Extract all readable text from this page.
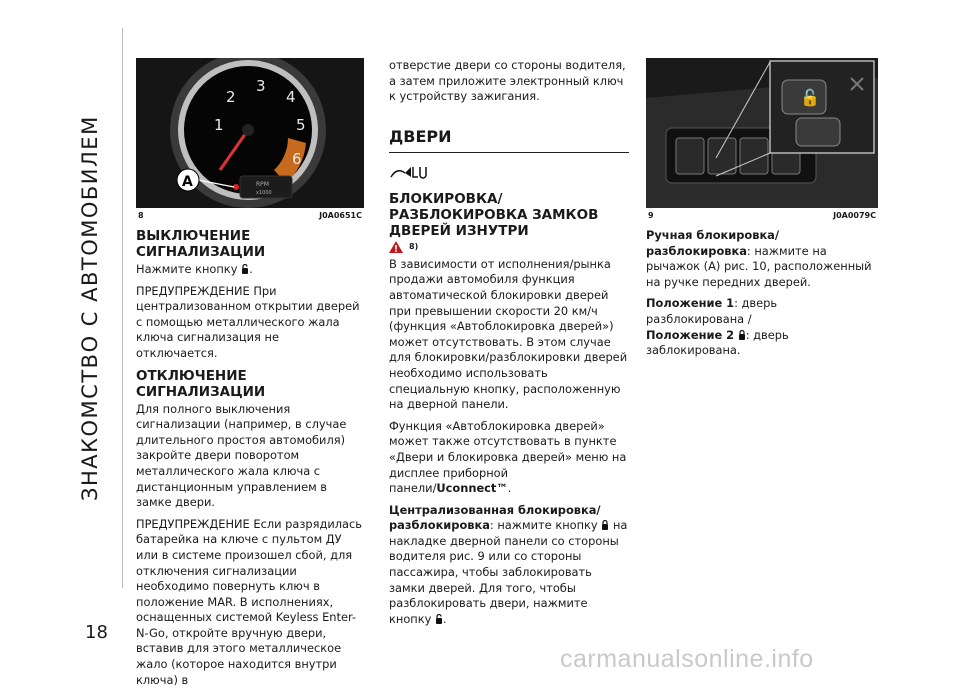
ЗНАКОМСТВО С АВТОМОБИЛЕМ
18
1
2
3
4
5
6
RPM
x1000
A
8	J0A0651C
ВЫКЛЮЧЕНИЕ СИГНАЛИЗАЦИИ

Нажмите кнопку .

ПРЕДУПРЕЖДЕНИЕ При централизованном открытии дверей с помощью металлического жала ключа сигнализация не отключается.

ОТКЛЮЧЕНИЕ СИГНАЛИЗАЦИИ

Для полного выключения сигнализации (например, в случае длительного простоя автомобиля) закройте двери поворотом металлического жала ключа с дистанционным управлением в замке двери.

ПРЕДУПРЕЖДЕНИЕ Если разрядилась батарейка на ключе с пультом ДУ или в системе произошел сбой, для отключения сигнализации необходимо повернуть ключ в положение MAR. В исполнениях, оснащенных системой Keyless Enter-N-Go, откройте вручную двери, вставив для этого металлическое жало (которое находится внутри ключа) в

отверстие двери со стороны водителя, а затем приложите электронный ключ к устройству зажигания.

ДВЕРИ
БЛОКИРОВКА/РАЗБЛОКИРОВКА ЗАМКОВ ДВЕРЕЙ ИЗНУТРИ
8)

В зависимости от исполнения/рынка продажи автомобиля функция автоматической блокировки дверей при превышении скорости 20 км/ч (функция «Автоблокировка дверей») может отсутствовать. В этом случае для блокировки/разблокировки дверей необходимо использовать специальную кнопку, расположенную на дверной панели.

Функция «Автоблокировка дверей» может также отсутствовать в пункте «Двери и блокировка дверей» меню на дисплее приборной панели/Uconnect™.

Централизованная блокировка/разблокировка: нажмите кнопку на накладке дверной панели со стороны водителя рис. 9 или со стороны пассажира, чтобы заблокировать замки дверей. Для того, чтобы разблокировать двери, нажмите кнопку .

🔓
9	J0A0079C

Ручная блокировка/разблокировка: нажмите на рычажок (A) рис. 10, расположенный на ручке передних дверей.

Положение 1: дверь разблокирована /
Положение 2 : дверь заблокирована.

carmanualsonline.info
